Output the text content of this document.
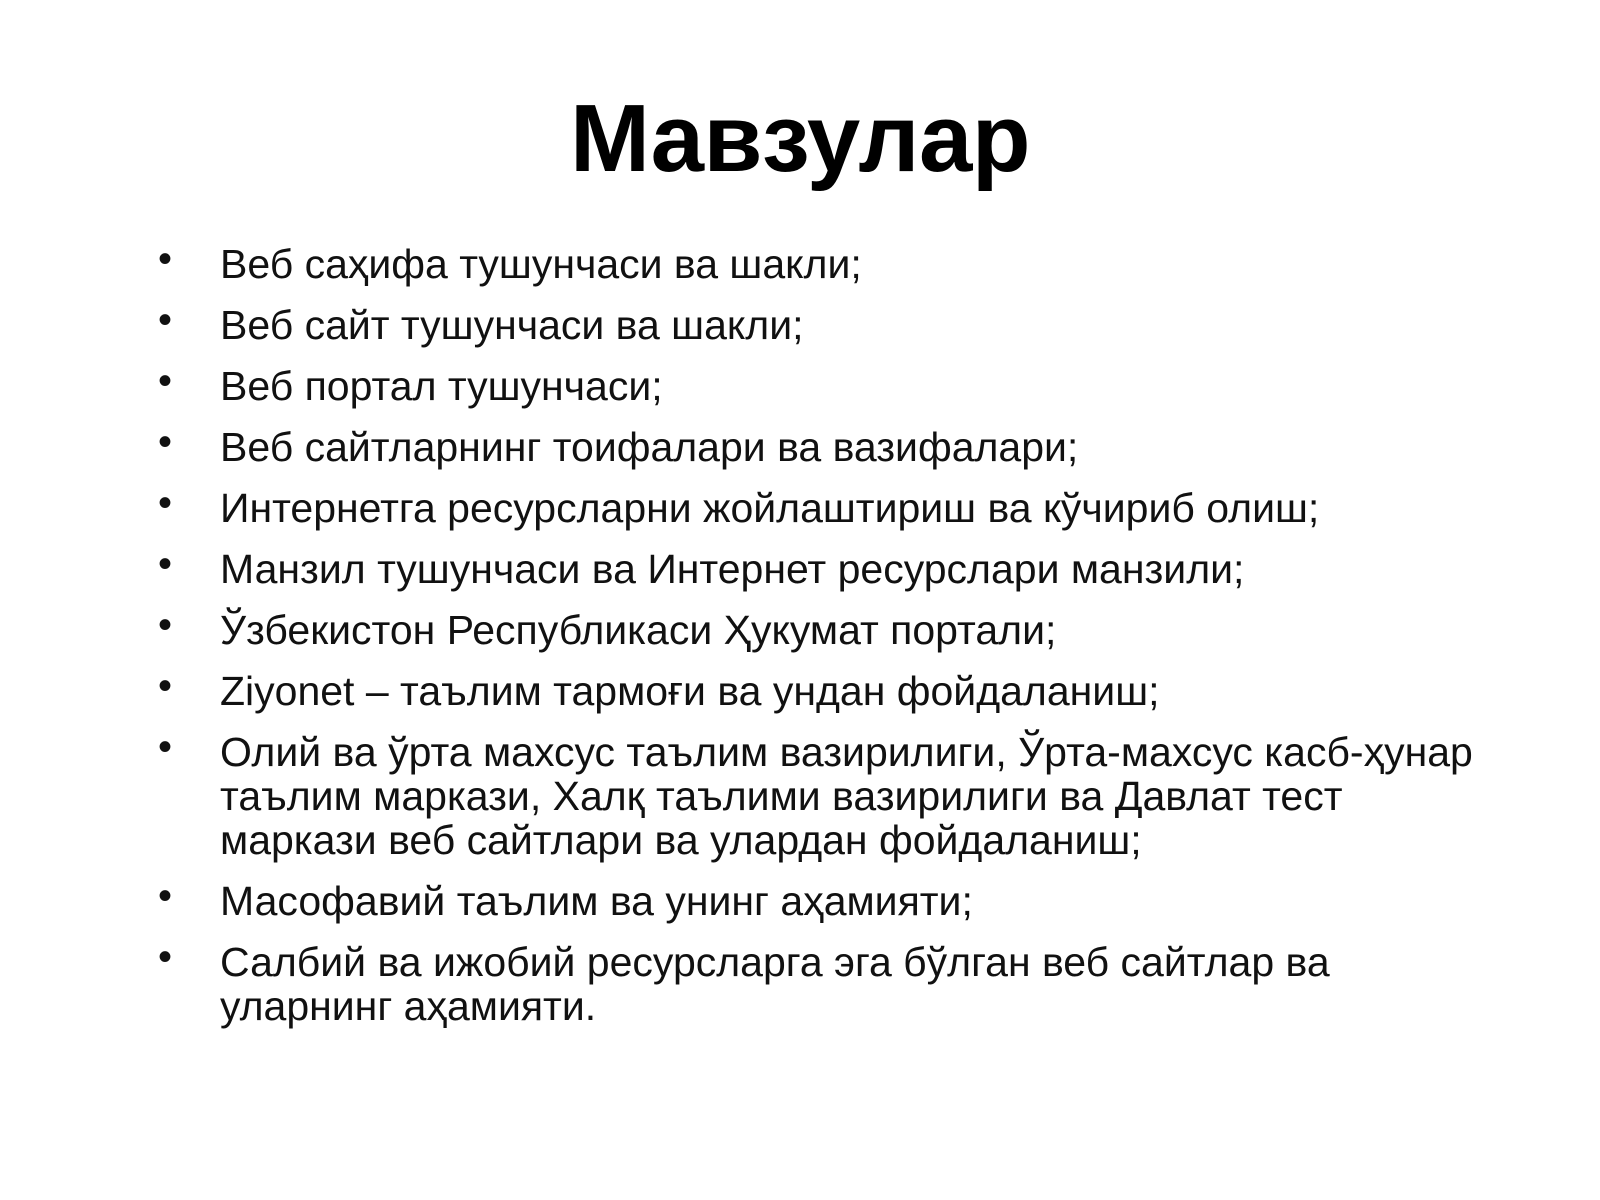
Мавзулар
• Веб саҳифа тушунчаси ва шакли;
• Веб сайт тушунчаси ва шакли;
• Веб портал тушунчаси;
• Веб сайтларнинг тоифалари ва вазифалари;
• Интернетга ресурсларни жойлаштириш ва кўчириб олиш;
• Манзил тушунчаси ва Интернет ресурслари манзили;
• Ўзбекистон Республикаси Ҳукумат портали;
• Ziyonet – таълим тармоғи ва ундан фойдаланиш;
• Олий ва ўрта махсус таълим вазирилиги, Ўрта-махсус касб-ҳунар таълим маркази, Халқ таълими вазирилиги ва Давлат тест маркази веб сайтлари ва улардан фойдаланиш;
• Масофавий таълим ва унинг аҳамияти;
• Салбий ва ижобий ресурсларга эга бўлган веб сайтлар ва уларнинг аҳамияти.
